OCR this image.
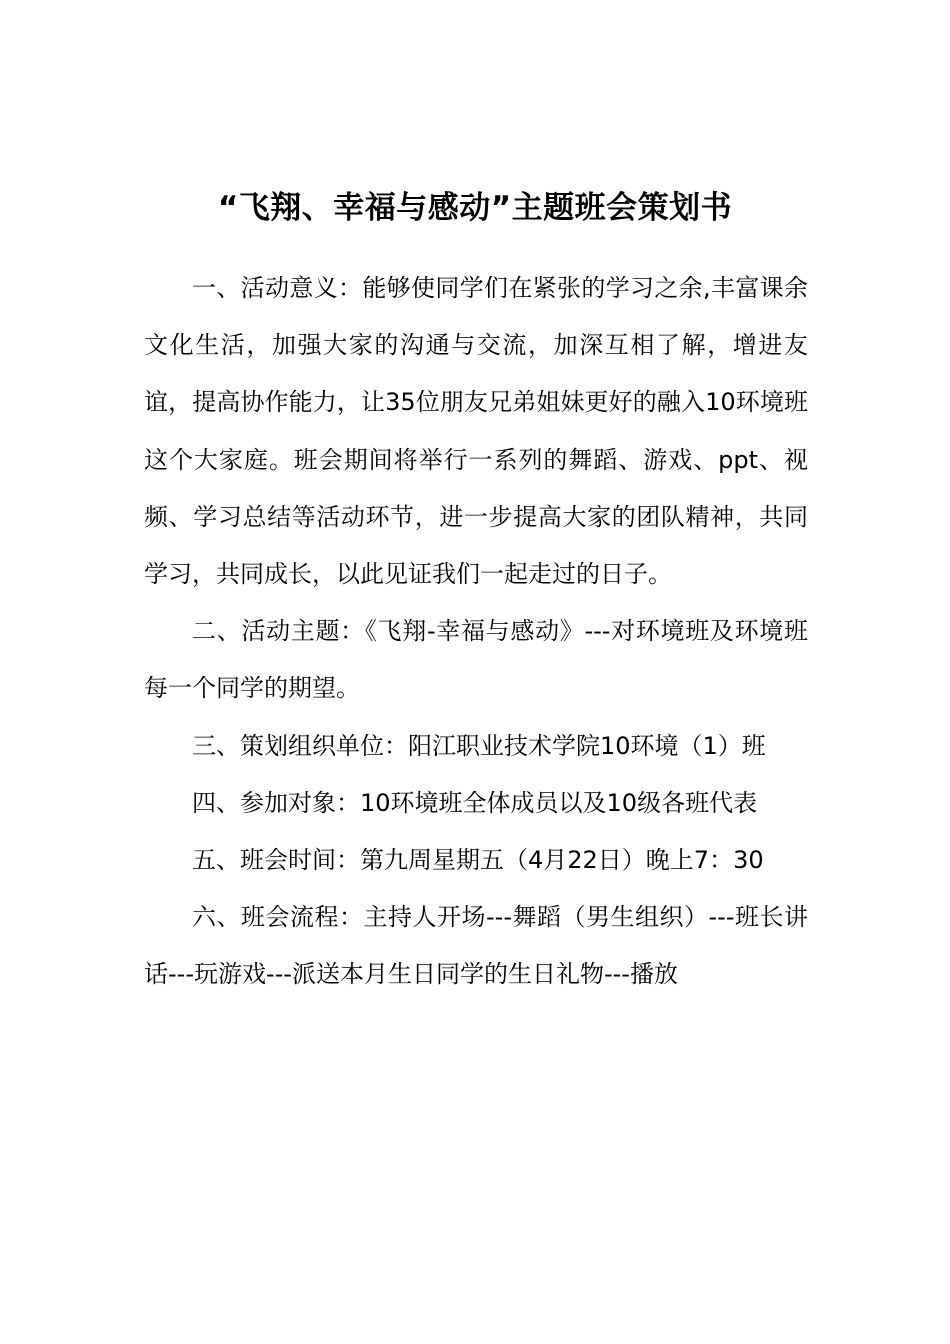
“飞翔、幸福与感动”主题班会策划书

一、活动意义：能够使同学们在紧张的学习之余,丰富课余文化生活，加强大家的沟通与交流，加深互相了解，增进友谊，提高协作能力，让35位朋友兄弟姐妹更好的融入10环境班这个大家庭。班会期间将举行一系列的舞蹈、游戏、ppt、视频、学习总结等活动环节，进一步提高大家的团队精神，共同学习，共同成长，以此见证我们一起走过的日子。

二、活动主题：《飞翔-幸福与感动》---对环境班及环境班每一个同学的期望。

三、策划组织单位：阳江职业技术学院10环境（1）班

四、参加对象：10环境班全体成员以及10级各班代表

五、班会时间：第九周星期五（4月22日）晚上7：30

六、班会流程：主持人开场---舞蹈（男生组织）---班长讲话---玩游戏---派送本月生日同学的生日礼物---播放
